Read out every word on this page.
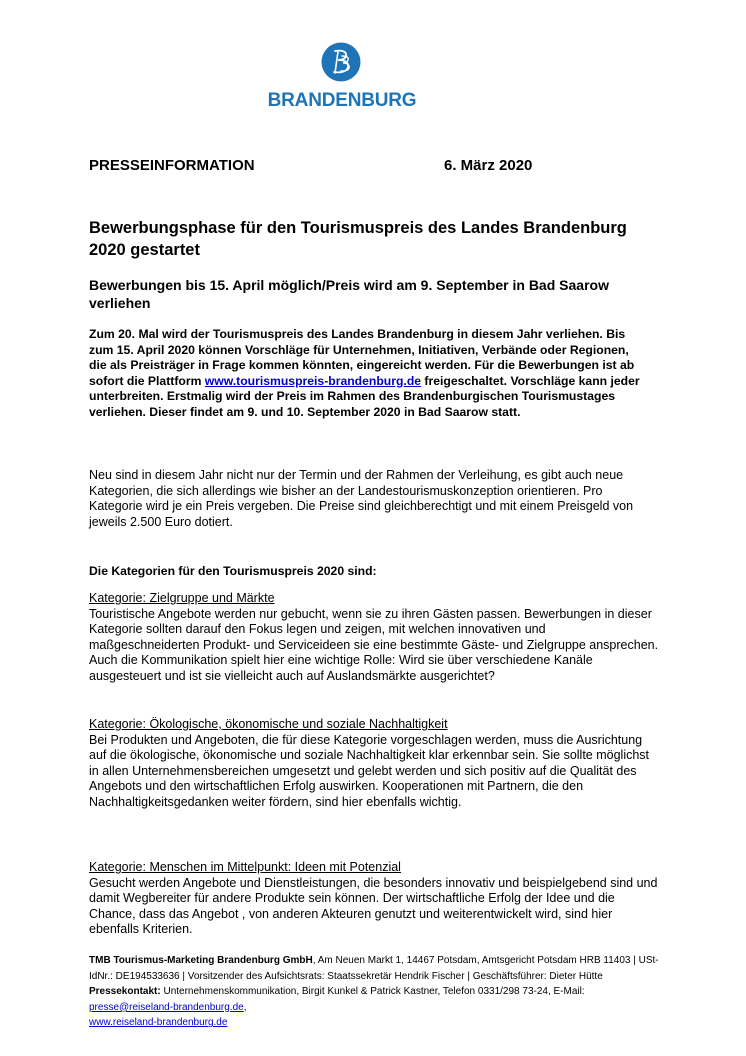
BRANDENBURG
PRESSEINFORMATION	6. März 2020
Bewerbungsphase für den Tourismuspreis des Landes Brandenburg 2020 gestartet
Bewerbungen bis 15. April möglich/Preis wird am 9. September in Bad Saarow verliehen
Zum 20. Mal wird der Tourismuspreis des Landes Brandenburg in diesem Jahr verliehen. Bis zum 15. April 2020 können Vorschläge für Unternehmen, Initiativen, Verbände oder Regionen, die als Preisträger in Frage kommen könnten, eingereicht werden. Für die Bewerbungen ist ab sofort die Plattform www.tourismuspreis-brandenburg.de freigeschaltet. Vorschläge kann jeder unterbreiten. Erstmalig wird der Preis im Rahmen des Brandenburgischen Tourismustages verliehen. Dieser findet am 9. und 10. September 2020 in Bad Saarow statt.
Neu sind in diesem Jahr nicht nur der Termin und der Rahmen der Verleihung, es gibt auch neue Kategorien, die sich allerdings wie bisher an der Landestourismuskonzeption orientieren. Pro Kategorie wird je ein Preis vergeben. Die Preise sind gleichberechtigt und mit einem Preisgeld von jeweils 2.500 Euro dotiert.
Die Kategorien für den Tourismuspreis 2020 sind:
Kategorie: Zielgruppe und Märkte
Touristische Angebote werden nur gebucht, wenn sie zu ihren Gästen passen. Bewerbungen in dieser Kategorie sollten darauf den Fokus legen und zeigen, mit welchen innovativen und maßgeschneiderten Produkt- und Serviceideen sie eine bestimmte Gäste- und Zielgruppe ansprechen. Auch die Kommunikation spielt hier eine wichtige Rolle: Wird sie über verschiedene Kanäle ausgesteuert und ist sie vielleicht auch auf Auslandsmärkte ausgerichtet?
Kategorie: Ökologische, ökonomische und soziale Nachhaltigkeit
Bei Produkten und Angeboten, die für diese Kategorie vorgeschlagen werden, muss die Ausrichtung auf die ökologische, ökonomische und soziale Nachhaltigkeit klar erkennbar sein. Sie sollte möglichst in allen Unternehmensbereichen umgesetzt und gelebt werden und sich positiv auf die Qualität des Angebots und den wirtschaftlichen Erfolg auswirken. Kooperationen mit Partnern, die den Nachhaltigkeitsgedanken weiter fördern, sind hier ebenfalls wichtig.
Kategorie: Menschen im Mittelpunkt: Ideen mit Potenzial
Gesucht werden Angebote und Dienstleistungen, die besonders innovativ und beispielgebend sind und damit Wegbereiter für andere Produkte sein können. Der wirtschaftliche Erfolg der Idee und die Chance, dass das Angebot , von anderen Akteuren genutzt und weiterentwickelt wird, sind hier ebenfalls Kriterien.
TMB Tourismus-Marketing Brandenburg GmbH, Am Neuen Markt 1, 14467 Potsdam, Amtsgericht Potsdam HRB 11403 | USt-IdNr.: DE194533636 | Vorsitzender des Aufsichtsrats: Staatssekretär Hendrik Fischer | Geschäftsführer: Dieter Hütte Pressekontakt: Unternehmenskommunikation, Birgit Kunkel & Patrick Kastner, Telefon 0331/298 73-24, E-Mail: presse@reiseland-brandenburg.de,
www.reiseland-brandenburg.de
